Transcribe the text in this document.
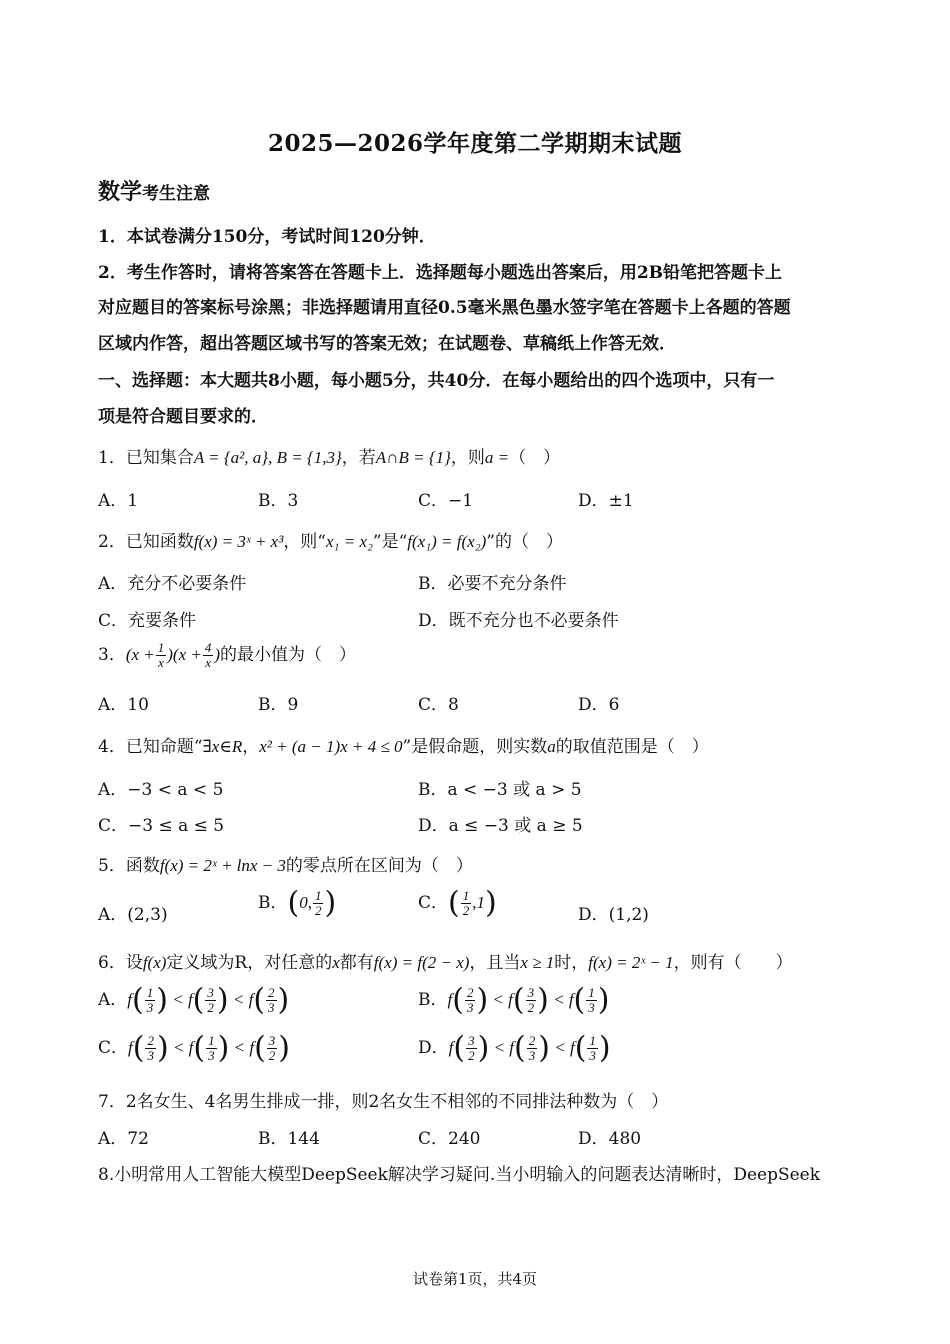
2025—2026学年度第二学期期末试题
数学考生注意
1．本试卷满分150分，考试时间120分钟．
2．考生作答时，请将答案答在答题卡上．选择题每小题选出答案后，用2B铅笔把答题卡上
对应题目的答案标号涂黑；非选择题请用直径0.5毫米黑色墨水签字笔在答题卡上各题的答题
区域内作答，超出答题区域书写的答案无效；在试题卷、草稿纸上作答无效．
一、选择题：本大题共8小题，每小题5分，共40分．在每小题给出的四个选项中，只有一
项是符合题目要求的．
1．已知集合A = {a², a}, B = {1,3}，若A∩B = {1}，则a =（　）
A．1	B．3	C．−1	D．±1
2．已知函数f(x) = 3ˣ + x³，则“x₁ = x₂”是“f(x₁) = f(x₂)”的（　）
A．充分不必要条件	B．必要不充分条件
C．充要条件	D．既不充分也不必要条件
3．$(x + \frac{1}{x} )(x + \frac{4}{x}$ )的最小值为（　）
A．10	B．9	C．8	D．6
4．已知命题“∃x∈R，x² + (a − 1)x + 4 ≤ 0”是假命题，则实数a的取值范围是（　）
A．−3 < a < 5	B．a < −3 或 a > 5
C．−3 ≤ a ≤ 5	D．a ≤ −3 或 a ≥ 5
5．函数f(x) = 2ˣ + lnx − 3的零点所在区间为（　）
A．(2,3)
B．(0, $\frac{1}{2}$ )	C．( $\frac{1}{2} ,1$)	D．(1,2)
6．设f(x)定义域为R，对任意的x都有f(x) = f(2 − x)，且当x ≥ 1时，f(x) = 2ˣ − 1，则有（　　）
A．$f( \frac{1}{3}$ ) < $f( \frac{3}{2}$ ) < $f( \frac{2}{3}$ )	B．$f( \frac{2}{3}$ ) < $f( \frac{3}{2}$ ) < $f( \frac{1}{3}$ )
C．$f( \frac{2}{3}$ ) < $f( \frac{1}{3}$ ) < $f( \frac{3}{2}$ )	D．$f( \frac{3}{2}$ ) < $f( \frac{2}{3}$ ) < $f( \frac{1}{3}$ )
7．2名女生、4名男生排成一排，则2名女生不相邻的不同排法种数为（　）
A．72	B．144	C．240	D．480
8.小明常用人工智能大模型DeepSeek解决学习疑问.当小明输入的问题表达清晰时，DeepSeek
试卷第1页，共4页
